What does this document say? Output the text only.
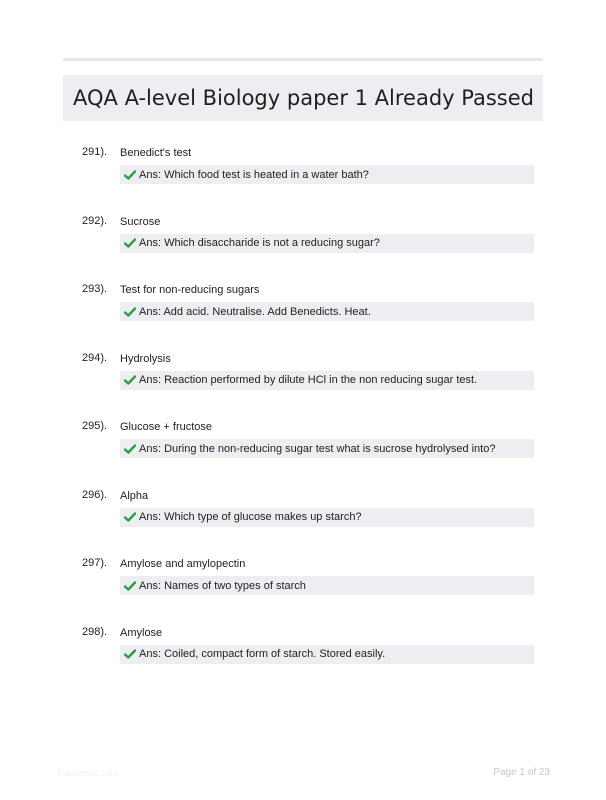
AQA A-level Biology paper 1 Already Passed
291). Benedict's test
Ans: Which food test is heated in a water bath?
292). Sucrose
Ans: Which disaccharide is not a reducing sugar?
293). Test for non-reducing sugars
Ans: Add acid. Neutralise. Add Benedicts. Heat.
294). Hydrolysis
Ans: Reaction performed by dilute HCl in the non reducing sugar test.
295). Glucose + fructose
Ans: During the non-reducing sugar test what is sucrose hydrolysed into?
296). Alpha
Ans: Which type of glucose makes up starch?
297). Amylose and amylopectin
Ans: Names of two types of starch
298). Amylose
Ans: Coiled, compact form of starch. Stored easily.
Paperhbic.com	Page 1 of 23
